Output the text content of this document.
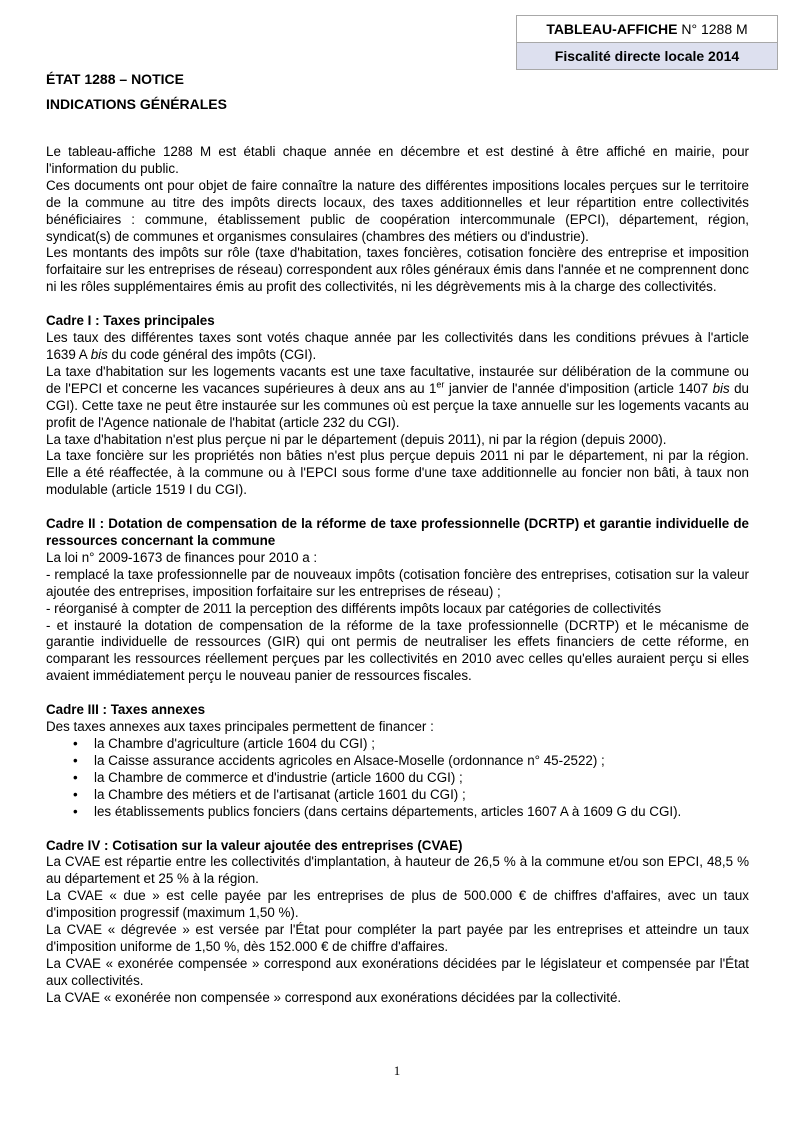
TABLEAU-AFFICHE N° 1288 M
Fiscalité directe locale 2014
ÉTAT 1288 – NOTICE
INDICATIONS GÉNÉRALES

Le tableau-affiche 1288 M est établi chaque année en décembre et est destiné à être affiché en mairie, pour l'information du public.

Ces documents ont pour objet de faire connaître la nature des différentes impositions locales perçues sur le territoire de la commune au titre des impôts directs locaux, des taxes additionnelles et leur répartition entre collectivités bénéficiaires : commune, établissement public de coopération intercommunale (EPCI), département, région, syndicat(s) de communes et organismes consulaires (chambres des métiers ou d'industrie).

Les montants des impôts sur rôle (taxe d'habitation, taxes foncières, cotisation foncière des entreprise et imposition forfaitaire sur les entreprises de réseau) correspondent aux rôles généraux émis dans l'année et ne comprennent donc ni les rôles supplémentaires émis au profit des collectivités, ni les dégrèvements mis à la charge des collectivités.

Cadre I : Taxes principales

Les taux des différentes taxes sont votés chaque année par les collectivités dans les conditions prévues à l'article 1639 A bis du code général des impôts (CGI).

La taxe d'habitation sur les logements vacants est une taxe facultative, instaurée sur délibération de la commune ou de l'EPCI et concerne les vacances supérieures à deux ans au 1er janvier de l'année d'imposition (article 1407 bis du CGI). Cette taxe ne peut être instaurée sur les communes où est perçue la taxe annuelle sur les logements vacants au profit de l'Agence nationale de l'habitat (article 232 du CGI).

La taxe d'habitation n'est plus perçue ni par le département (depuis 2011), ni par la région (depuis 2000).

La taxe foncière sur les propriétés non bâties n'est plus perçue depuis 2011 ni par le département, ni par la région. Elle a été réaffectée, à la commune ou à l'EPCI sous forme d'une taxe additionnelle au foncier non bâti, à taux non modulable (article 1519 I du CGI).

Cadre II : Dotation de compensation de la réforme de taxe professionnelle (DCRTP) et garantie individuelle de ressources concernant la commune

La loi n° 2009-1673 de finances pour 2010 a :

- remplacé la taxe professionnelle par de nouveaux impôts (cotisation foncière des entreprises, cotisation sur la valeur ajoutée des entreprises, imposition forfaitaire sur les entreprises de réseau) ;

- réorganisé à compter de 2011 la perception des différents impôts locaux par catégories de collectivités

- et instauré la dotation de compensation de la réforme de la taxe professionnelle (DCRTP) et le mécanisme de garantie individuelle de ressources (GIR) qui ont permis de neutraliser les effets financiers de cette réforme, en comparant les ressources réellement perçues par les collectivités en 2010 avec celles qu'elles auraient perçu si elles avaient immédiatement perçu le nouveau panier de ressources fiscales.

Cadre III : Taxes annexes

Des taxes annexes aux taxes principales permettent de financer :

• la Chambre d'agriculture (article 1604 du CGI) ;
• la Caisse assurance accidents agricoles en Alsace-Moselle (ordonnance n° 45-2522) ;
• la Chambre de commerce et d'industrie (article 1600 du CGI) ;
• la Chambre des métiers et de l'artisanat (article 1601 du CGI) ;
• les établissements publics fonciers (dans certains départements, articles 1607 A à 1609 G du CGI).

Cadre IV : Cotisation sur la valeur ajoutée des entreprises (CVAE)

La CVAE est répartie entre les collectivités d'implantation, à hauteur de 26,5 % à la commune et/ou son EPCI, 48,5 % au département et 25 % à la région.

La CVAE « due » est celle payée par les entreprises de plus de 500.000 € de chiffres d'affaires, avec un taux d'imposition progressif (maximum 1,50 %).

La CVAE « dégrevée » est versée par l'État pour compléter la part payée par les entreprises et atteindre un taux d'imposition uniforme de 1,50 %, dès 152.000 € de chiffre d'affaires.

La CVAE « exonérée compensée » correspond aux exonérations décidées par le législateur et compensée par l'État aux collectivités.

La CVAE « exonérée non compensée » correspond aux exonérations décidées par la collectivité.

1
